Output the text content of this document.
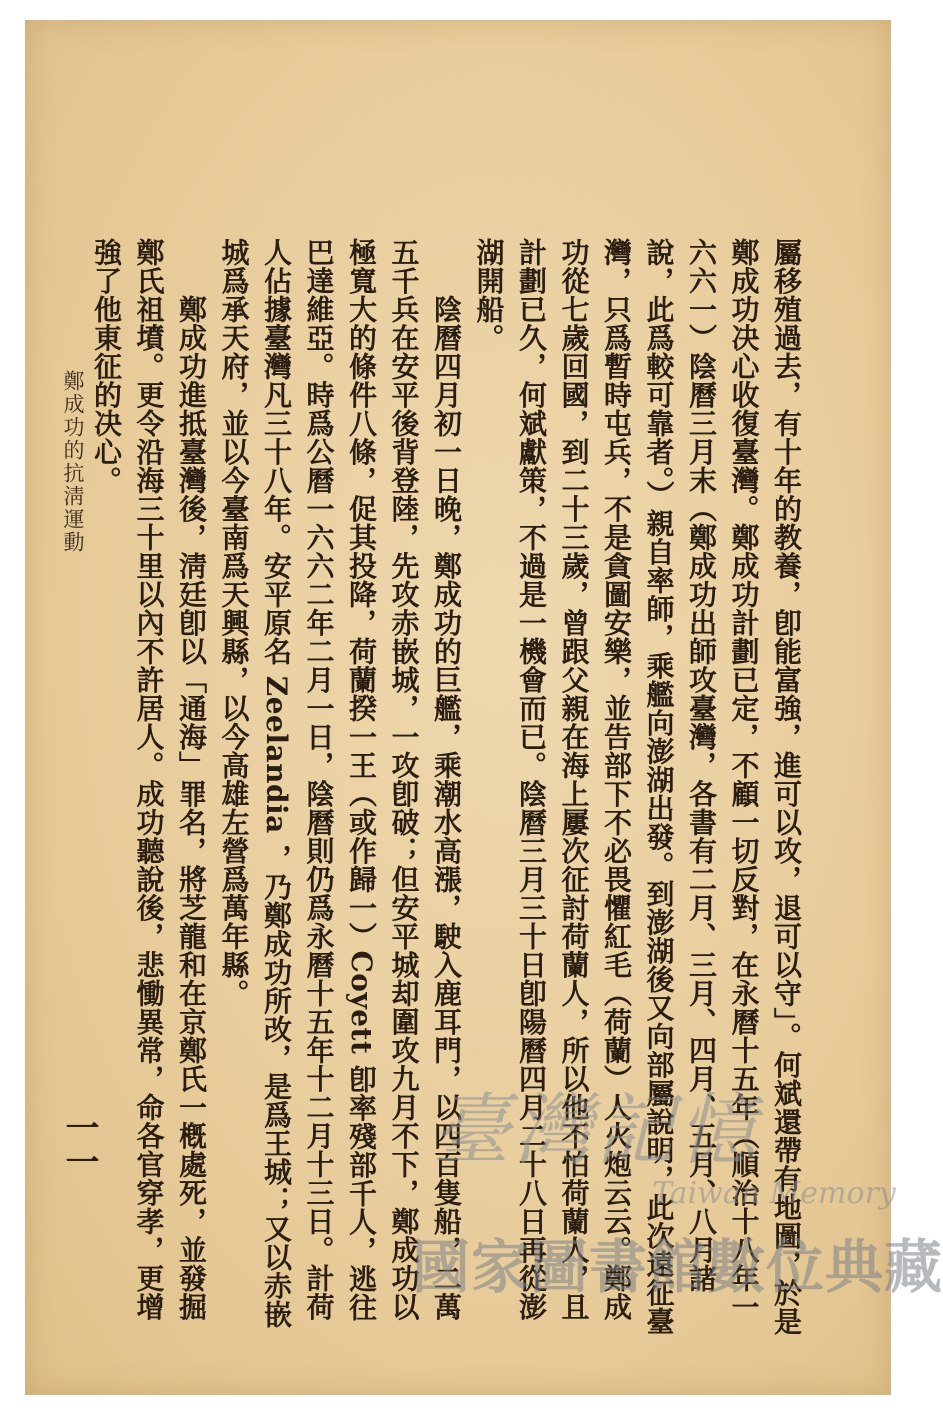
屬移殖過去，有十年的教養，卽能富強，進可以攻，退可以守」。何斌還帶有地圖，於是鄭成功决心收復臺灣。鄭成功計劃已定，不顧一切反對，在永曆十五年（順治十八年一六六一）陰曆三月末（鄭成功出師攻臺灣，各書有二月、三月、四月、五月、八月諸說，此爲較可靠者。）親自率師，乘艦向澎湖出發。到澎湖後又向部屬說明，此次遠征臺灣，只爲暫時屯兵，不是貪圖安樂，並告部下不必畏懼紅毛（荷蘭）人火炮云云。鄭成功從七歲回國，到二十三歲，曾跟父親在海上屢次征討荷蘭人，所以他不怕荷蘭人，且計劃已久，何斌獻策，不過是一機會而已。陰曆三月三十日卽陽曆四月二十八日再從澎湖開船。

　　陰曆四月初一日晚，鄭成功的巨艦，乘潮水高漲，駛入鹿耳門，以四百隻船，二萬五千兵在安平後背登陸，先攻赤嵌城，一攻卽破；但安平城却圍攻九月不下，鄭成功以極寬大的條件八條，促其投降，荷蘭揆一王（或作歸一）Coyett 卽率殘部千人，逃往巴達維亞。時爲公曆一六六二年二月一日，陰曆則仍爲永曆十五年十二月十三日。計荷人佔據臺灣凡三十八年。安平原名 Zeelandia ，乃鄭成功所改，是爲王城；又以赤嵌城爲承天府，並以今臺南爲天興縣，以今高雄左營爲萬年縣。

　　鄭成功進抵臺灣後，淸廷卽以「通海」罪名，將芝龍和在京鄭氏一槪處死，並發掘鄭氏祖墳。更令沿海三十里以內不許居人。成功聽說後，悲慟異常，命各官穿孝，更增強了他東征的决心。

鄭成功的抗淸運動
一一	臺灣記憶
Taiwan Memory
國家圖書館數位典藏
